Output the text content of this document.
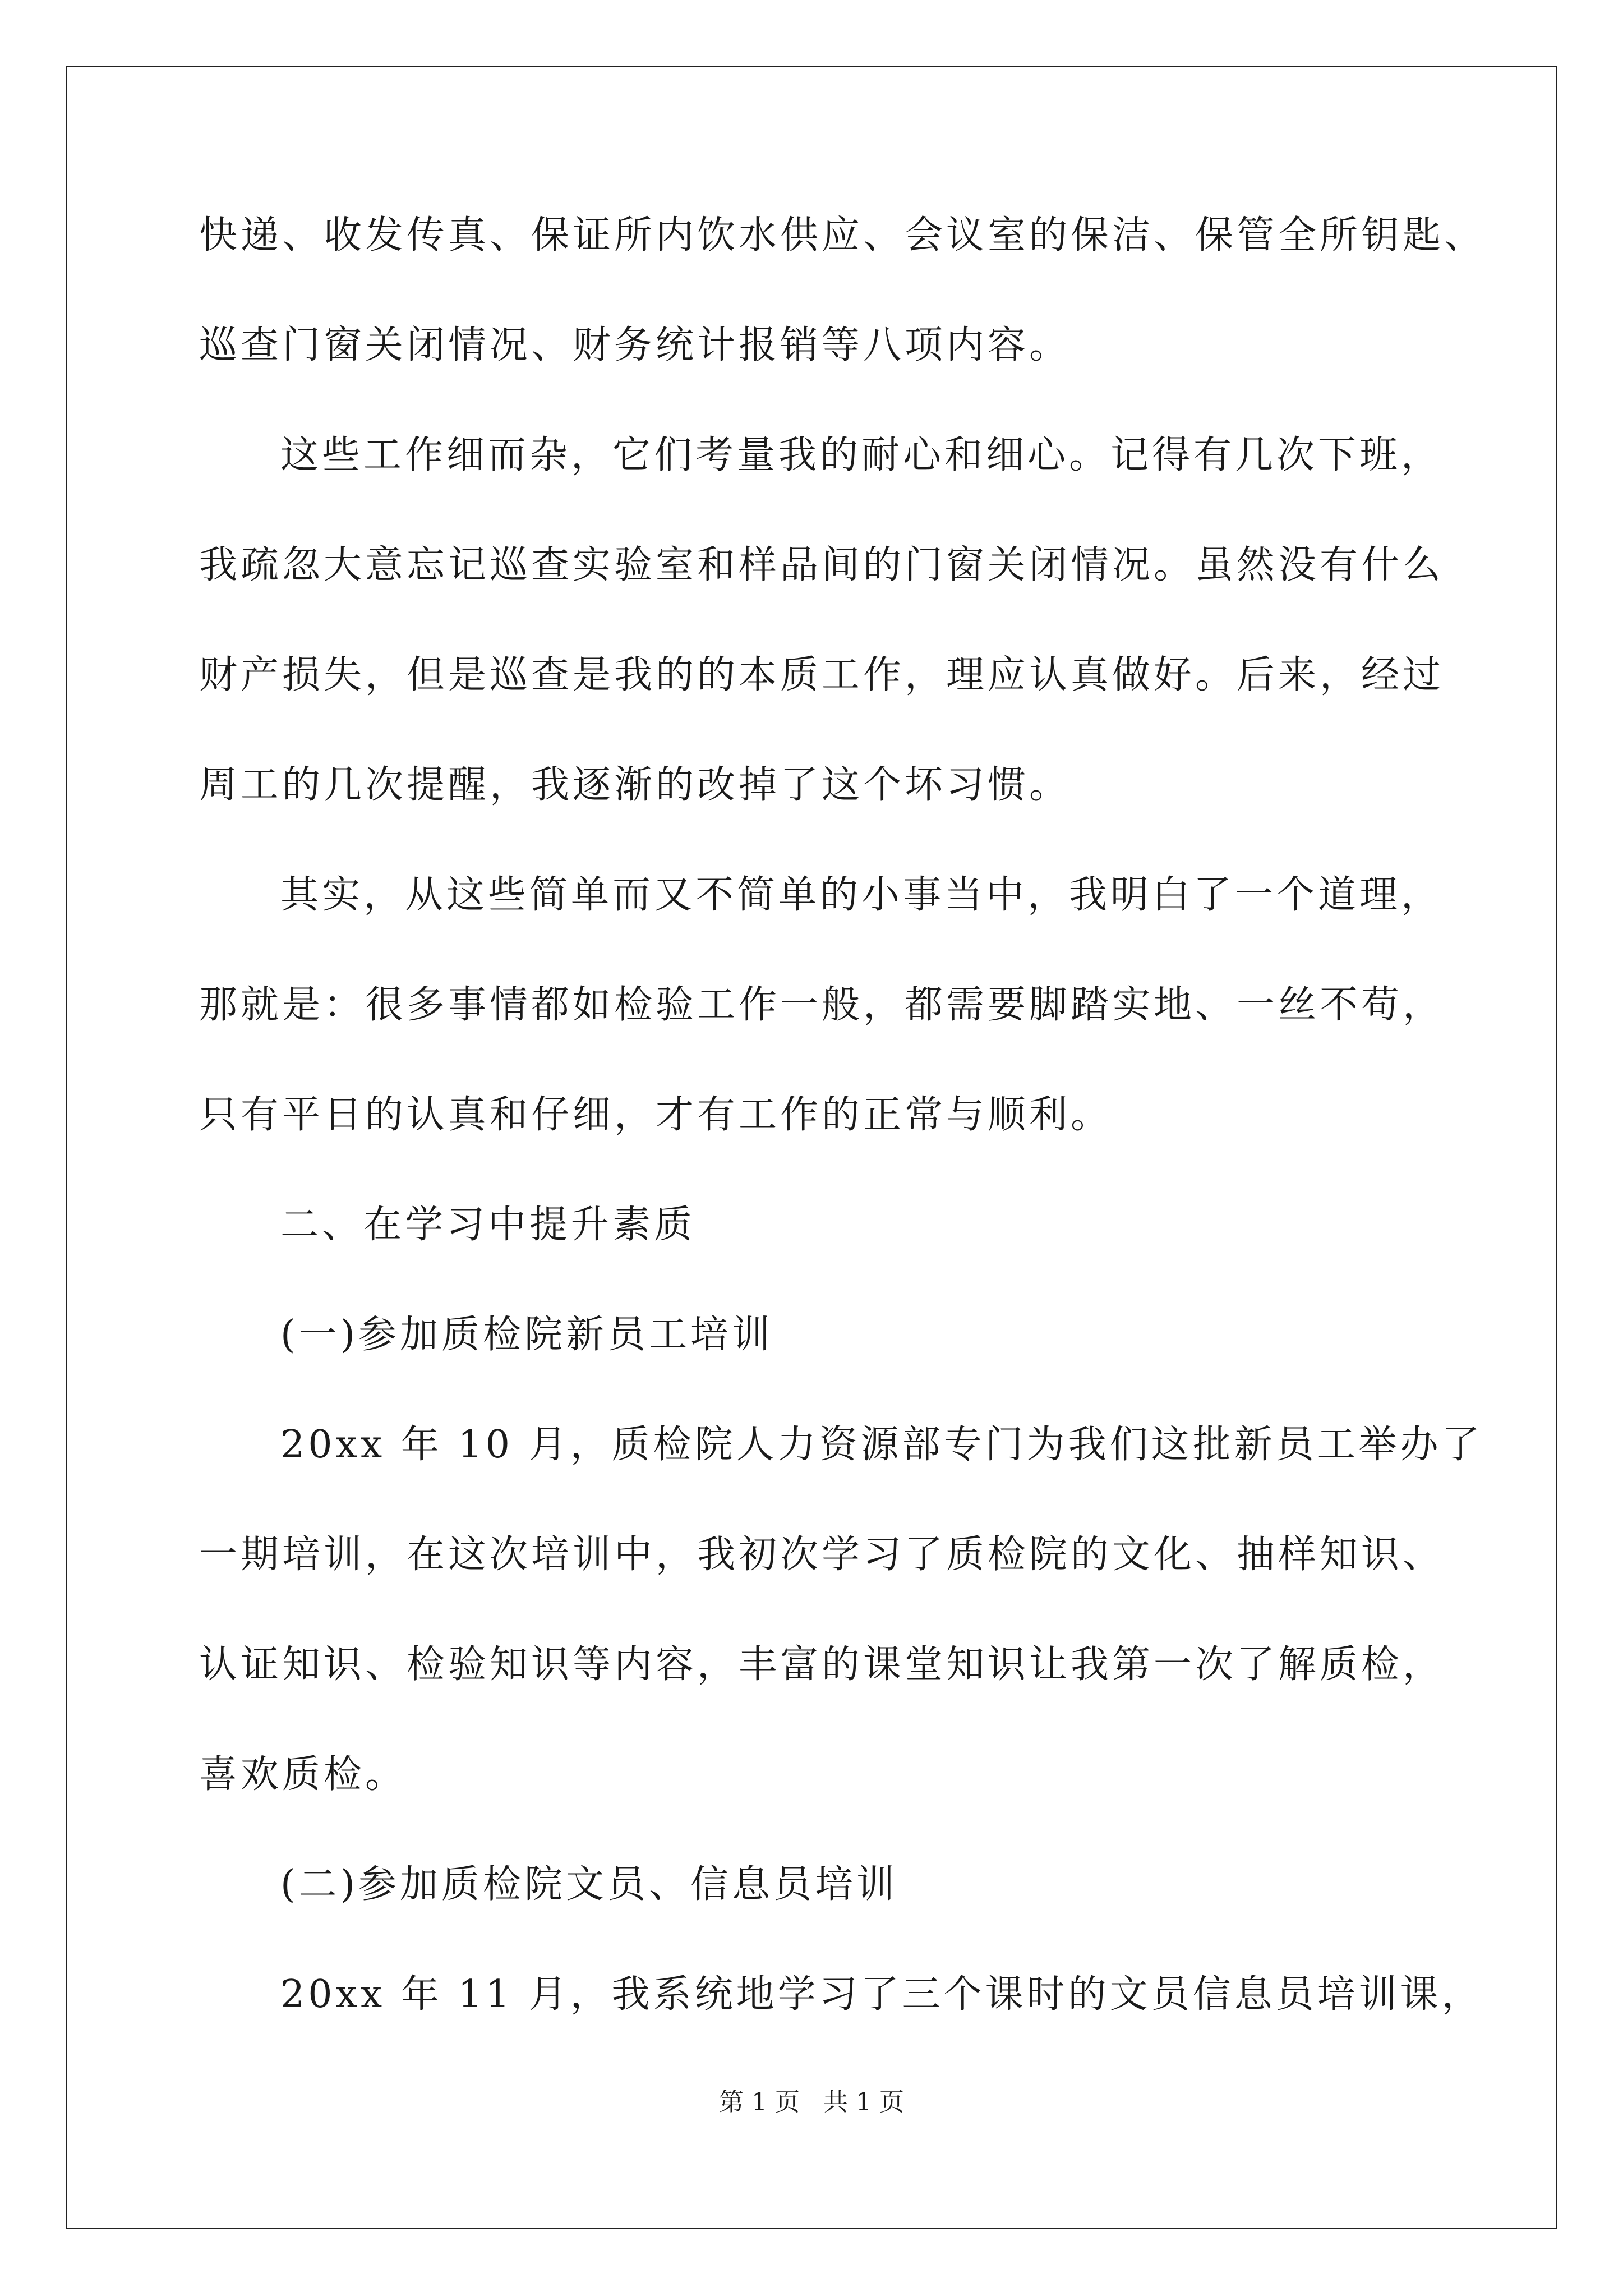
快递、收发传真、保证所内饮水供应、会议室的保洁、保管全所钥匙、
巡查门窗关闭情况、财务统计报销等八项内容。
这些工作细而杂，它们考量我的耐心和细心。记得有几次下班，
我疏忽大意忘记巡查实验室和样品间的门窗关闭情况。虽然没有什么
财产损失，但是巡查是我的的本质工作，理应认真做好。后来，经过
周工的几次提醒，我逐渐的改掉了这个坏习惯。
其实，从这些简单而又不简单的小事当中，我明白了一个道理，
那就是：很多事情都如检验工作一般，都需要脚踏实地、一丝不苟，
只有平日的认真和仔细，才有工作的正常与顺利。
二、在学习中提升素质
(一)参加质检院新员工培训
20xx 年 10 月，质检院人力资源部专门为我们这批新员工举办了
一期培训，在这次培训中，我初次学习了质检院的文化、抽样知识、
认证知识、检验知识等内容，丰富的课堂知识让我第一次了解质检，
喜欢质检。
(二)参加质检院文员、信息员培训
20xx 年 11 月，我系统地学习了三个课时的文员信息员培训课，
第 1 页   共 1 页
